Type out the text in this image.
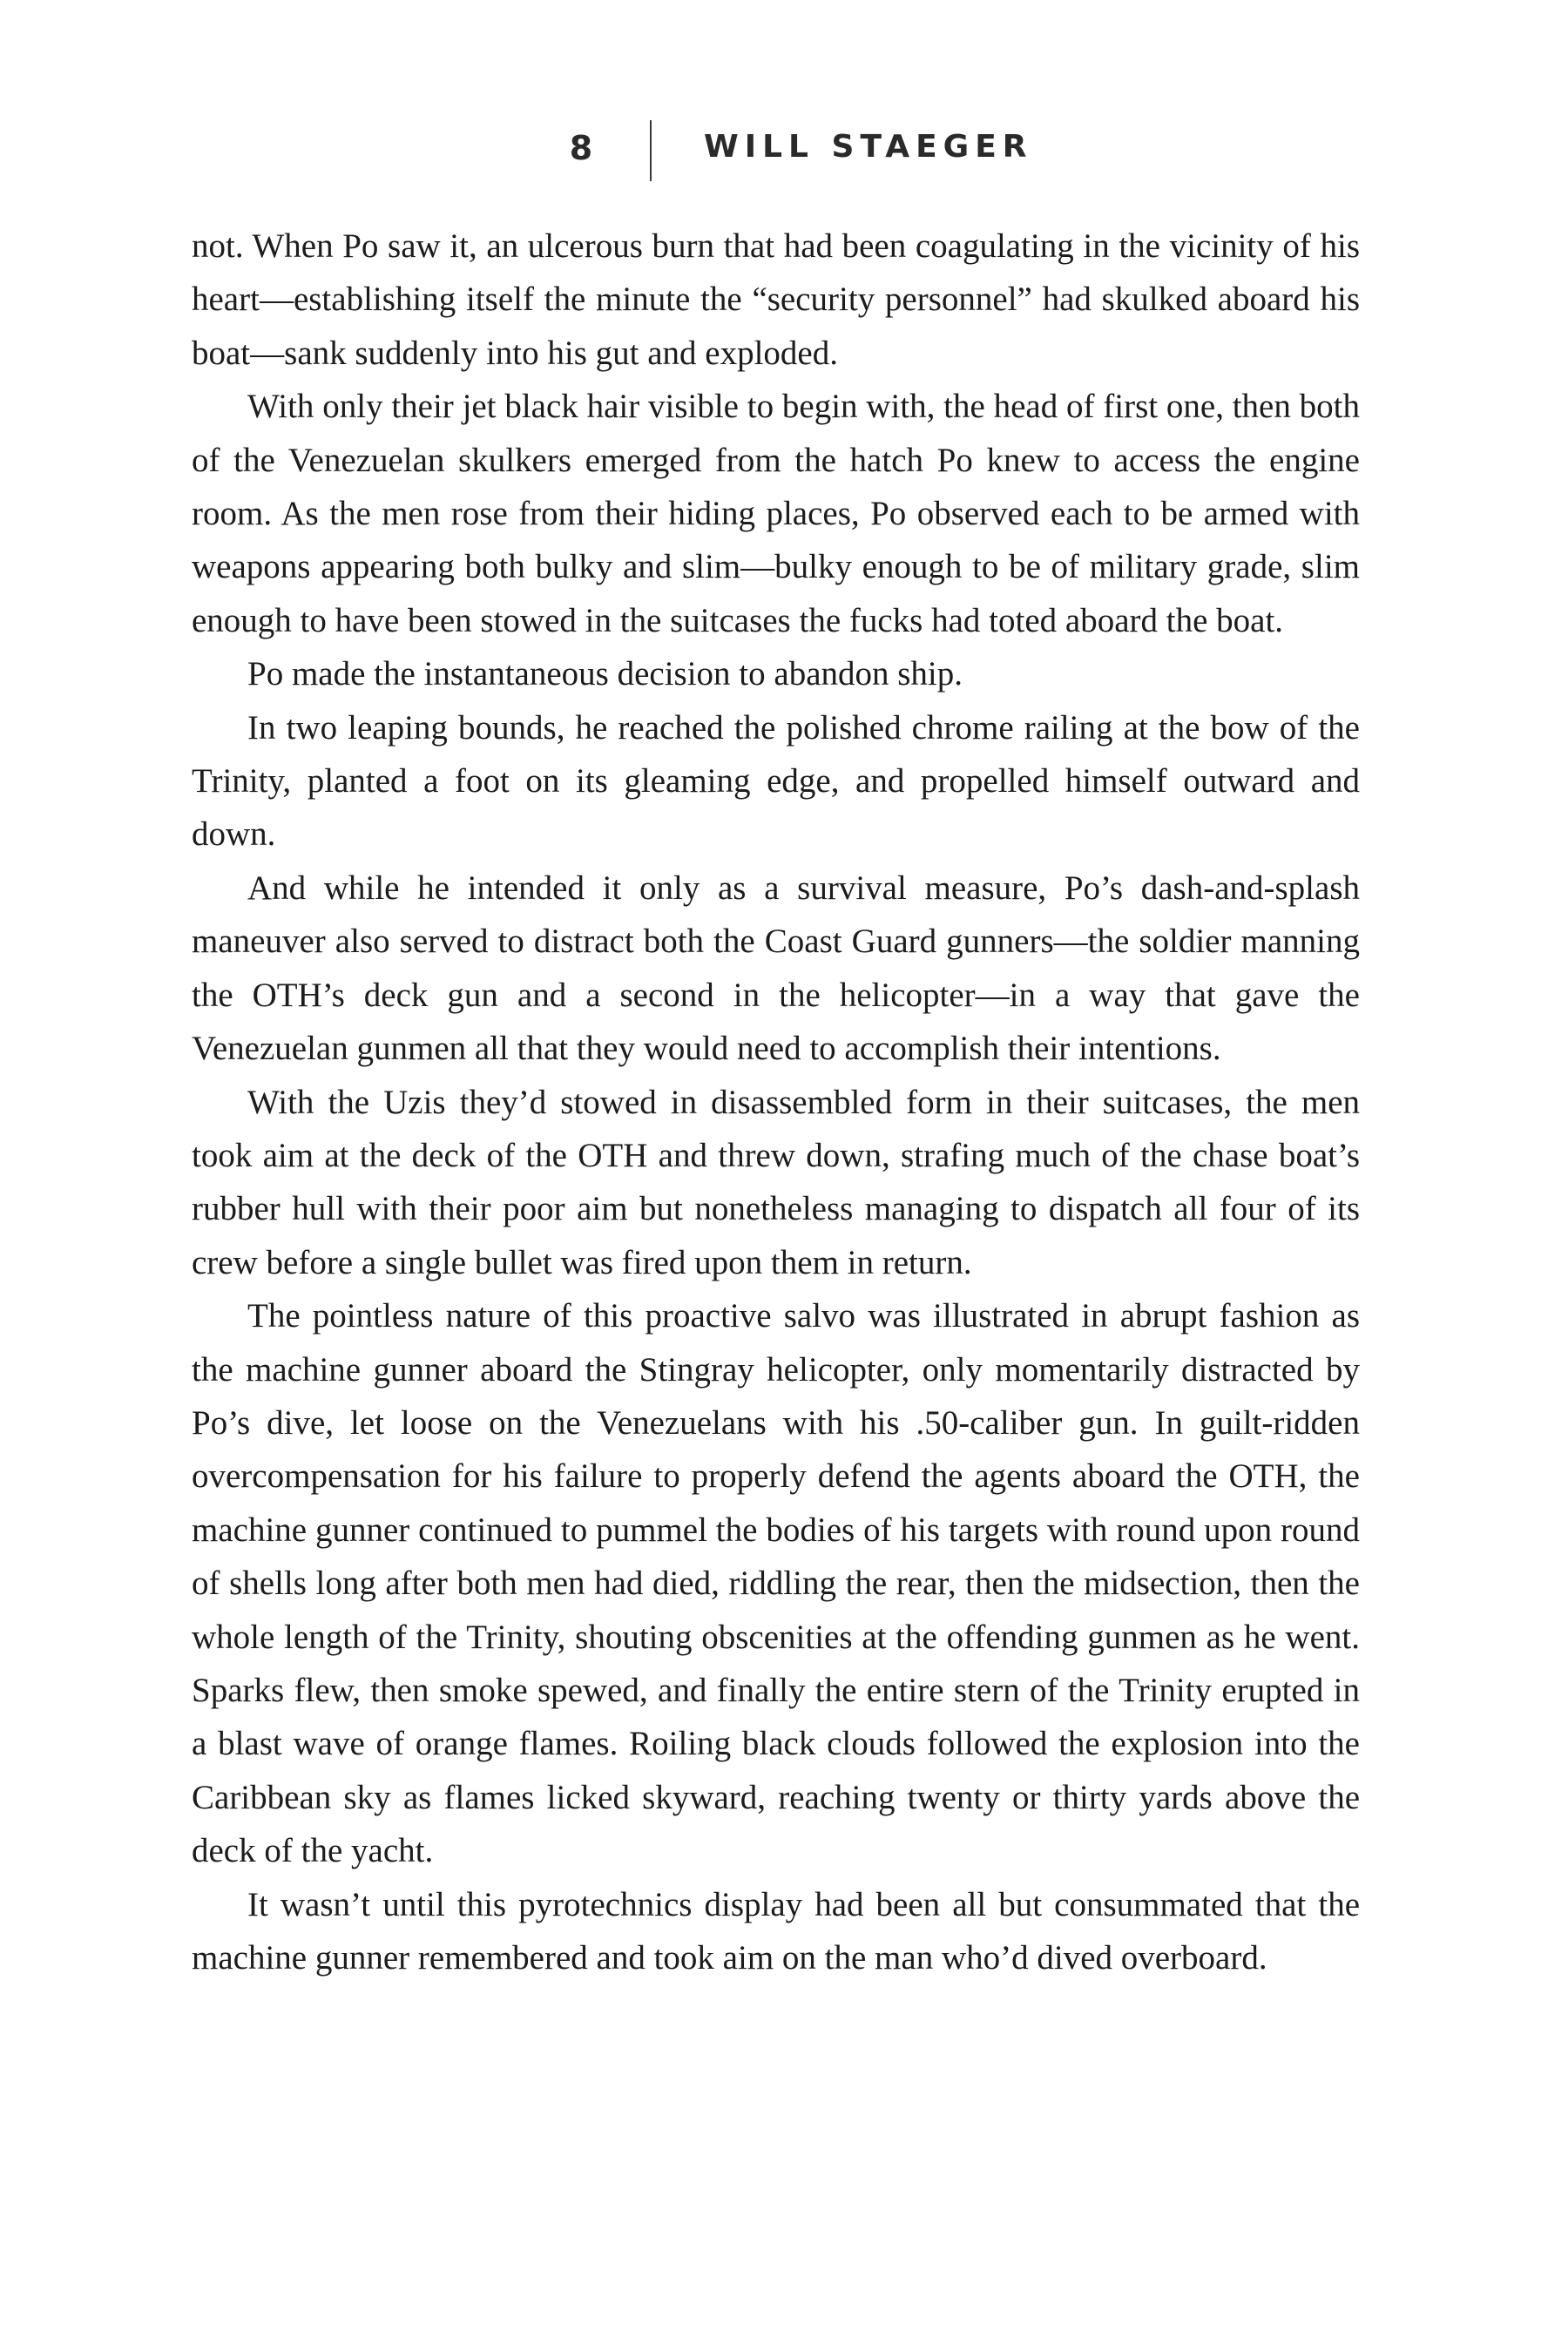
8	WILL STAEGER

not. When Po saw it, an ulcerous burn that had been coagulating in the vicinity of his heart—establishing itself the minute the “security personnel” had skulked aboard his boat—sank suddenly into his gut and exploded.

With only their jet black hair visible to begin with, the head of first one, then both of the Venezuelan skulkers emerged from the hatch Po knew to access the engine room. As the men rose from their hiding places, Po observed each to be armed with weapons appearing both bulky and slim—bulky enough to be of military grade, slim enough to have been stowed in the suitcases the fucks had toted aboard the boat.

Po made the instantaneous decision to abandon ship.

In two leaping bounds, he reached the polished chrome railing at the bow of the Trinity, planted a foot on its gleaming edge, and propelled himself outward and down.

And while he intended it only as a survival measure, Po’s dash-and-splash maneuver also served to distract both the Coast Guard gunners—the soldier manning the OTH’s deck gun and a second in the helicopter—in a way that gave the Venezuelan gunmen all that they would need to accomplish their intentions.

With the Uzis they’d stowed in disassembled form in their suitcases, the men took aim at the deck of the OTH and threw down, strafing much of the chase boat’s rubber hull with their poor aim but nonetheless managing to dispatch all four of its crew before a single bullet was fired upon them in return.

The pointless nature of this proactive salvo was illustrated in abrupt fashion as the machine gunner aboard the Stingray helicopter, only momentarily distracted by Po’s dive, let loose on the Venezuelans with his .50-caliber gun. In guilt-ridden overcompensation for his failure to properly defend the agents aboard the OTH, the machine gunner continued to pummel the bodies of his targets with round upon round of shells long after both men had died, riddling the rear, then the midsection, then the whole length of the Trinity, shouting obscenities at the offending gunmen as he went. Sparks flew, then smoke spewed, and finally the entire stern of the Trinity erupted in a blast wave of orange flames. Roiling black clouds followed the explosion into the Caribbean sky as flames licked skyward, reaching twenty or thirty yards above the deck of the yacht.

It wasn’t until this pyrotechnics display had been all but consummated that the machine gunner remembered and took aim on the man who’d dived overboard.
